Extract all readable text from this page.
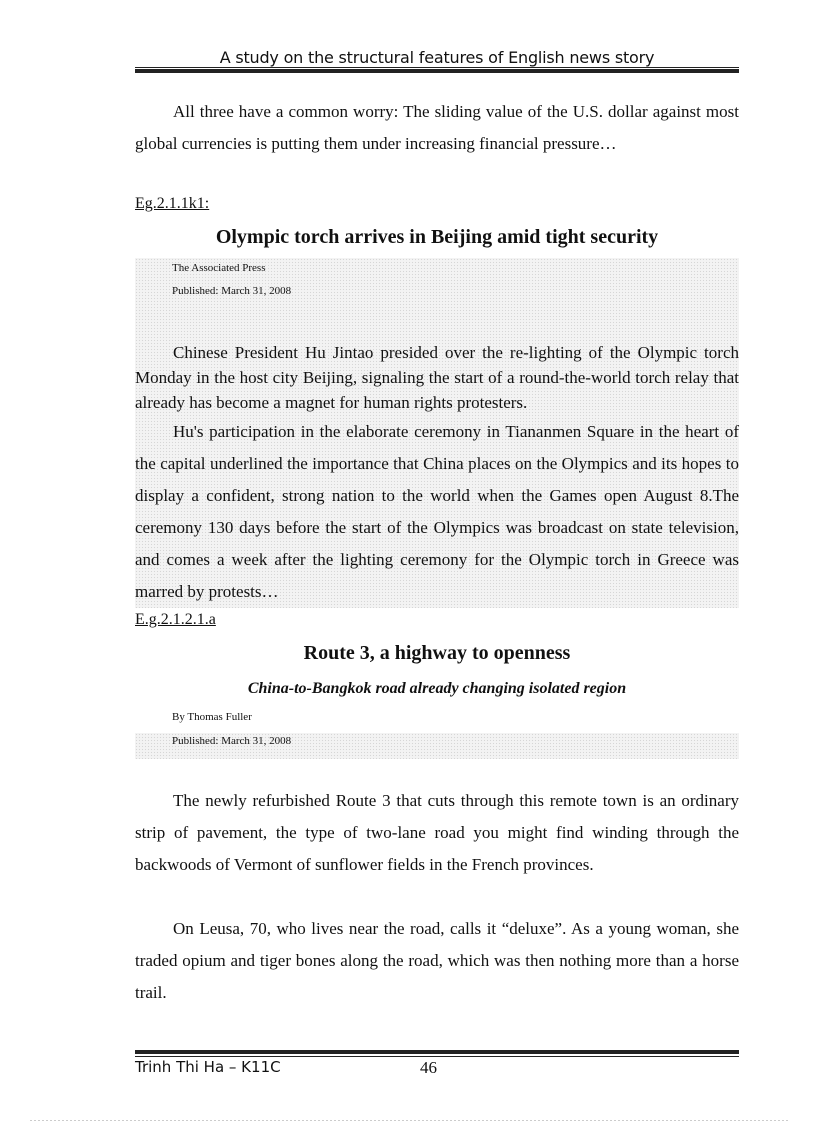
A study on the structural features of English news story
All three have a common worry: The sliding value of the U.S. dollar against most global currencies is putting them under increasing financial pressure…
Eg.2.1.1k1:
Olympic torch arrives in Beijing amid tight security
The Associated Press
Published: March 31, 2008
Chinese President Hu Jintao presided over the re-lighting of the Olympic torch Monday in the host city Beijing, signaling the start of a round-the-world torch relay that already has become a magnet for human rights protesters.
Hu's participation in the elaborate ceremony in Tiananmen Square in the heart of the capital underlined the importance that China places on the Olympics and its hopes to display a confident, strong nation to the world when the Games open August 8.The ceremony 130 days before the start of the Olympics was broadcast on state television, and comes a week after the lighting ceremony for the Olympic torch in Greece was marred by protests…
E.g.2.1.2.1.a
Route 3, a highway to openness
China-to-Bangkok road already changing isolated region
By Thomas Fuller
Published: March 31, 2008
The newly refurbished Route 3 that cuts through this remote town is an ordinary strip of pavement, the type of two-lane road you might find winding through the backwoods of Vermont of sunflower fields in the French provinces.
On Leusa, 70, who lives near the road, calls it “deluxe”. As a young woman, she traded opium and tiger bones along the road, which was then nothing more than a horse trail.
Trinh Thi Ha – K11C	46
